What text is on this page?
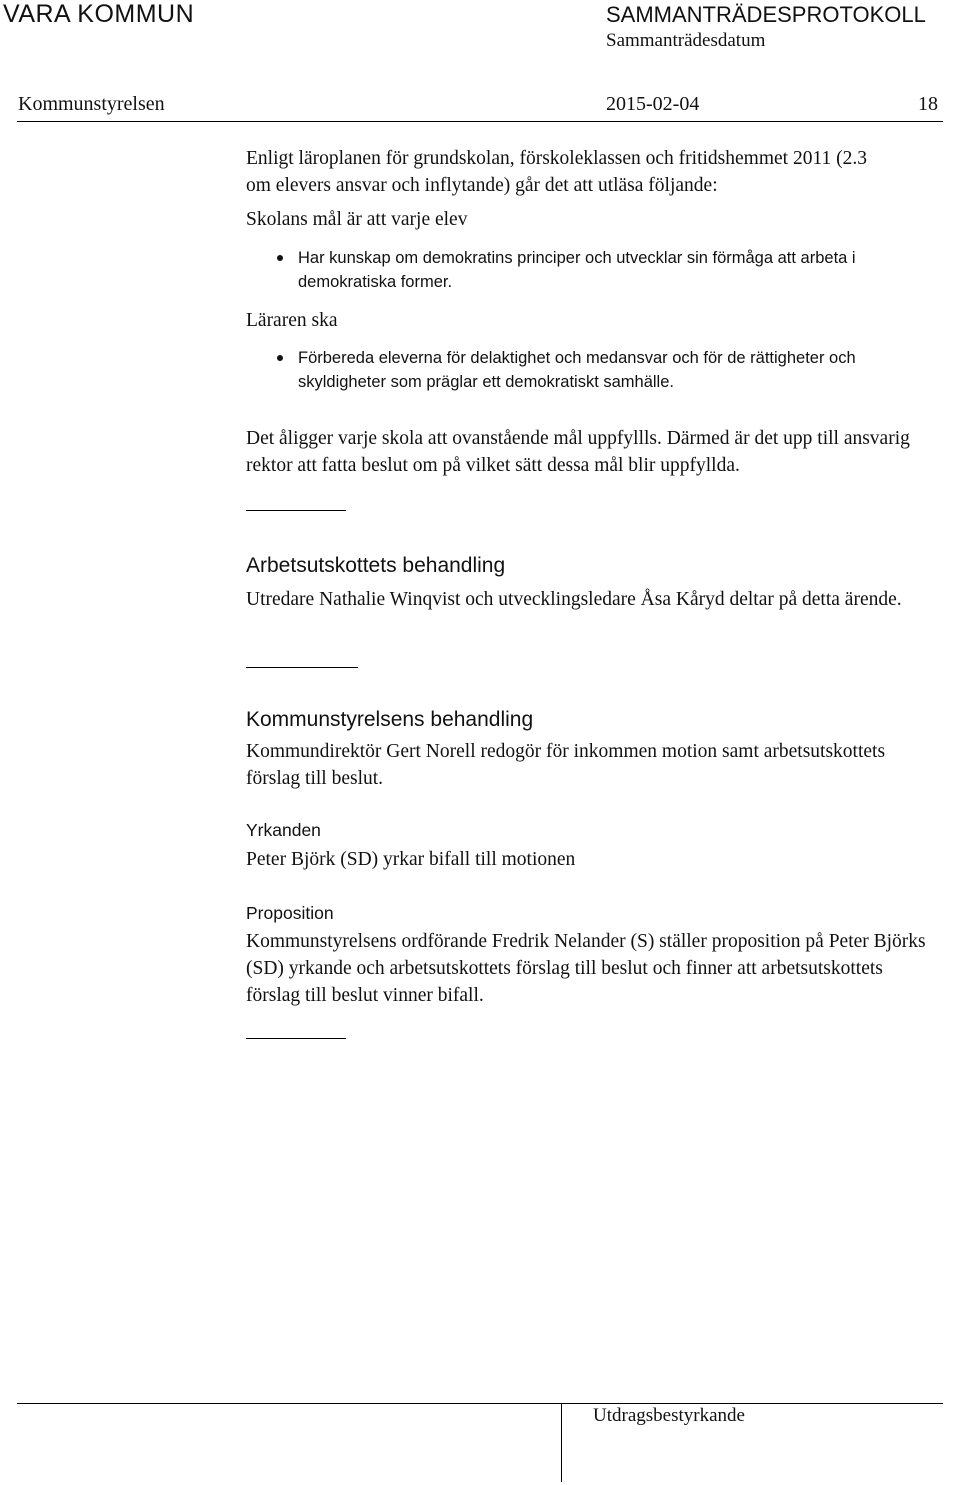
VARA KOMMUN	SAMMANTRÄDESPROTOKOLL
Sammanträdesdatum
Kommunstyrelsen	2015-02-04	18
Enligt läroplanen för grundskolan, förskoleklassen och fritidshemmet 2011 (2.3 om elevers ansvar och inflytande) går det att utläsa följande:
Skolans mål är att varje elev
Har kunskap om demokratins principer och utvecklar sin förmåga att arbeta i demokratiska former.
Läraren ska
Förbereda eleverna för delaktighet och medansvar och för de rättigheter och skyldigheter som präglar ett demokratiskt samhälle.
Det åligger varje skola att ovanstående mål uppfyllls. Därmed är det upp till ansvarig rektor att fatta beslut om på vilket sätt dessa mål blir uppfyllda.
Arbetsutskottets behandling
Utredare Nathalie Winqvist och utvecklingsledare Åsa Kåryd deltar på detta ärende.
Kommunstyrelsens behandling
Kommundirektör Gert Norell redogör för inkommen motion samt arbetsutskottets förslag till beslut.
Yrkanden
Peter Björk (SD) yrkar bifall till motionen
Proposition
Kommunstyrelsens ordförande Fredrik Nelander (S) ställer proposition på Peter Björks (SD) yrkande och arbetsutskottets förslag till beslut och finner att arbetsutskottets förslag till beslut vinner bifall.
Utdragsbestyrkande
